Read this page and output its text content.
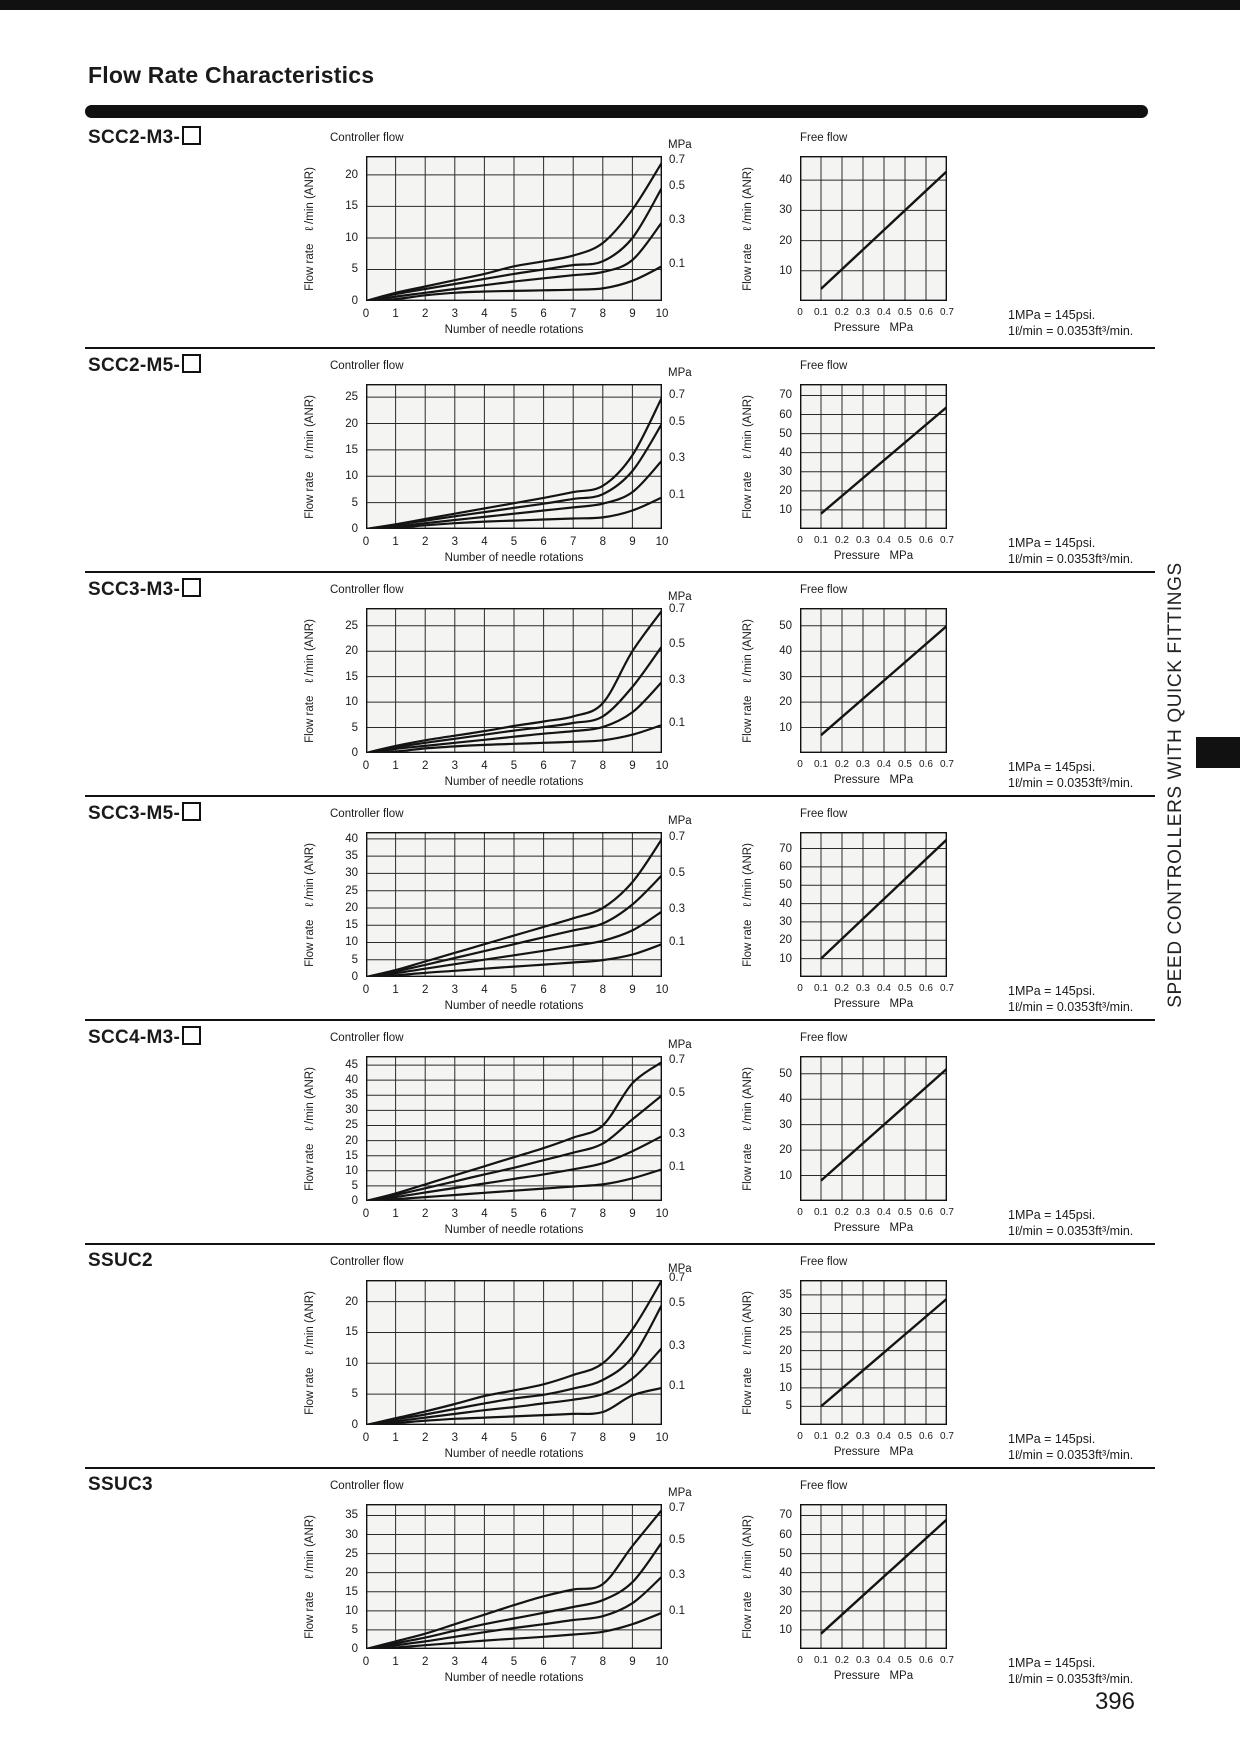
Flow Rate Characteristics
SCC2-M3-	Controller flow
MPa
Flow rate    ℓ /min (ANR)
0
5
10
15
20
0	1	2	3	4	5	6	7	8	9	10
Number of needle rotations
0.7
0.5
0.3
0.1
Free flow
Flow rate    ℓ /min (ANR)	10
20
30
40
0	0.1 0.2 0.3 0.4 0.5 0.6 0.7
Pressure   MPa
1MPa = 145psi.
1ℓ/min = 0.0353ft³/min.
SCC2-M5-	Controller flow
MPa
Flow rate    ℓ /min (ANR)
0
5
10
15
20
25
0	1	2	3	4	5	6	7	8	9	10
Number of needle rotations
0.7
0.5
0.3
0.1
Free flow
Flow rate    ℓ /min (ANR)	10
20
30
40
50
60
70
0	0.1 0.2 0.3 0.4 0.5 0.6 0.7
Pressure   MPa
1MPa = 145psi.
1ℓ/min = 0.0353ft³/min.
SCC3-M3-	Controller flow
MPa
Flow rate    ℓ /min (ANR)
0
5
10
15
20
25
0	1	2	3	4	5	6	7	8	9	10
Number of needle rotations
0.7
0.5
0.3
0.1
Free flow
Flow rate    ℓ /min (ANR)	10
20
30
40
50
0	0.1 0.2 0.3 0.4 0.5 0.6 0.7
Pressure   MPa
1MPa = 145psi.
1ℓ/min = 0.0353ft³/min.
SCC3-M5-	Controller flow
MPa
Flow rate    ℓ /min (ANR)
0
5
10
15
20
25
30
35
40
0	1	2	3	4	5	6	7	8	9	10
Number of needle rotations
0.7
0.5
0.3
0.1
Free flow
Flow rate    ℓ /min (ANR)	10
20
30
40
50
60
70
0	0.1 0.2 0.3 0.4 0.5 0.6 0.7
Pressure   MPa
1MPa = 145psi.
1ℓ/min = 0.0353ft³/min.
SCC4-M3-	Controller flow
MPa
Flow rate    ℓ /min (ANR)
0
5
10
15
20
25
30
35
40
45
0	1	2	3	4	5	6	7	8	9	10
Number of needle rotations
0.7
0.5
0.3
0.1
Free flow
Flow rate    ℓ /min (ANR)	10
20
30
40
50
0	0.1 0.2 0.3 0.4 0.5 0.6 0.7
Pressure   MPa
1MPa = 145psi.
1ℓ/min = 0.0353ft³/min.
SSUC2	Controller flow
MPa
Flow rate    ℓ /min (ANR)
0
5
10
15
20
0	1	2	3	4	5	6	7	8	9	10
Number of needle rotations
0.7
0.5
0.3
0.1
Free flow
Flow rate    ℓ /min (ANR)	5
10
15
20
25
30
35
0	0.1 0.2 0.3 0.4 0.5 0.6 0.7
Pressure   MPa
1MPa = 145psi.
1ℓ/min = 0.0353ft³/min.
SSUC3	Controller flow
MPa
Flow rate    ℓ /min (ANR)
0
5
10
15
20
25
30
35
0	1	2	3	4	5	6	7	8	9	10
Number of needle rotations
0.7
0.5
0.3
0.1
Free flow
Flow rate    ℓ /min (ANR)	10
20
30
40
50
60
70
0	0.1 0.2 0.3 0.4 0.5 0.6 0.7
Pressure   MPa
1MPa = 145psi.
1ℓ/min = 0.0353ft³/min.
SPEED CONTROLLERS WITH QUICK FITTINGS
396
